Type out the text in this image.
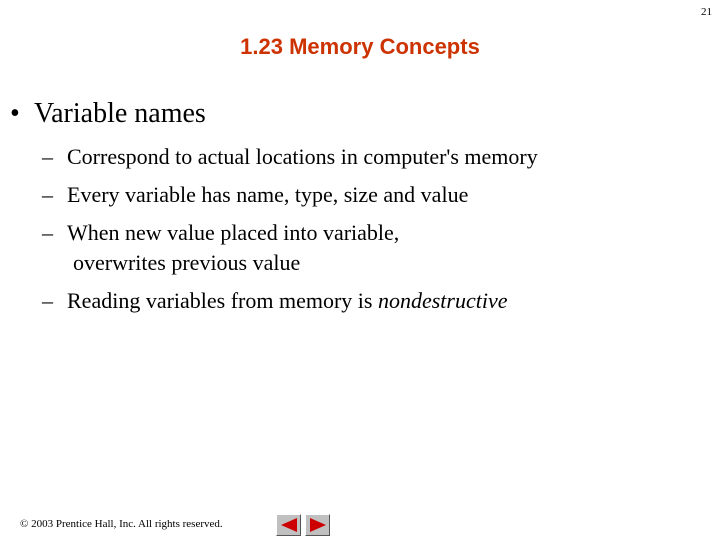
21
1.23 Memory Concepts
• Variable names
– Correspond to actual locations in computer's memory
– Every variable has name, type, size and value
– When new value placed into variable,
overwrites previous value
– Reading variables from memory is nondestructive
© 2003 Prentice Hall, Inc. All rights reserved.
